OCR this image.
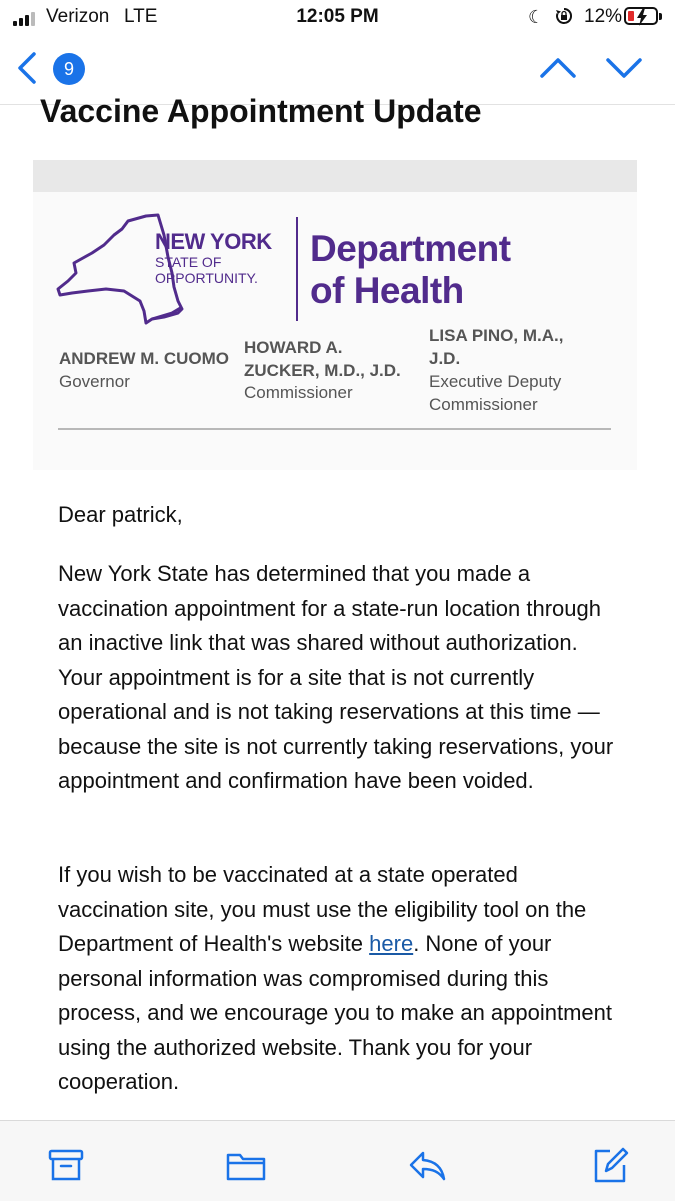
Verizon LTE	12:05 PM	☾ 12%
9
Vaccine Appointment Update
NEW YORK
STATE OF
OPPORTUNITY.
Department
of Health
ANDREW M. CUOMO
Governor
HOWARD A.
ZUCKER, M.D., J.D.
Commissioner
LISA PINO, M.A.,
J.D.
Executive Deputy
Commissioner
Dear patrick,
New York State has determined that you made a vaccination appointment for a state-run location through an inactive link that was shared without authorization. Your appointment is for a site that is not currently operational and is not taking reservations at this time — because the site is not currently taking reservations, your appointment and confirmation have been voided.
If you wish to be vaccinated at a state operated vaccination site, you must use the eligibility tool on the Department of Health's website here. None of your personal information was compromised during this process, and we encourage you to make an appointment using the authorized website. Thank you for your cooperation.
